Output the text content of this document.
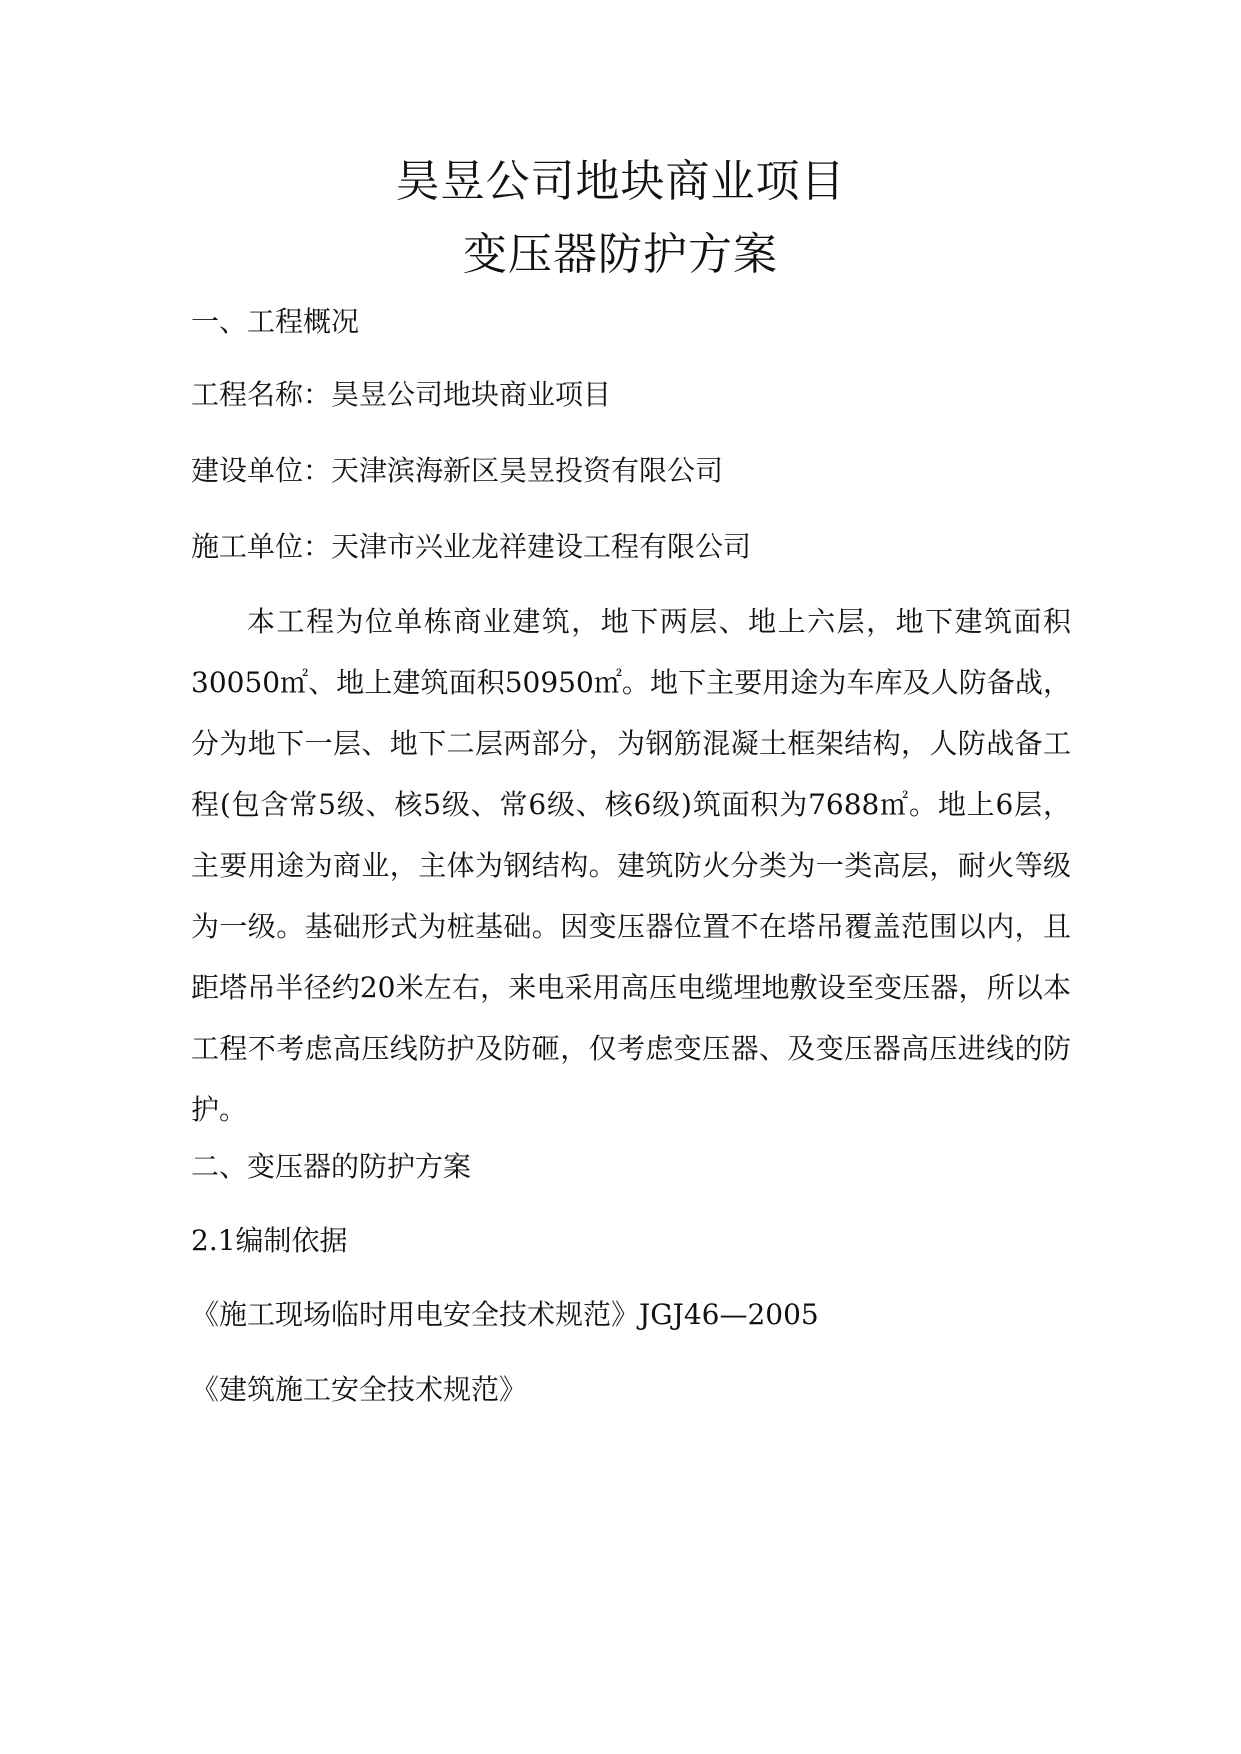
昊昱公司地块商业项目
变压器防护方案
一、工程概况
工程名称：昊昱公司地块商业项目
建设单位：天津滨海新区昊昱投资有限公司
施工单位：天津市兴业龙祥建设工程有限公司
本工程为位单栋商业建筑，地下两层、地上六层，地下建筑面积30050㎡、地上建筑面积50950㎡。地下主要用途为车库及人防备战，分为地下一层、地下二层两部分，为钢筋混凝土框架结构，人防战备工程(包含常5级、核5级、常6级、核6级)筑面积为7688㎡。地上6层，主要用途为商业，主体为钢结构。建筑防火分类为一类高层，耐火等级为一级。基础形式为桩基础。因变压器位置不在塔吊覆盖范围以内，且距塔吊半径约20米左右，来电采用高压电缆埋地敷设至变压器，所以本工程不考虑高压线防护及防砸，仅考虑变压器、及变压器高压进线的防护。
二、变压器的防护方案
2.1编制依据
《施工现场临时用电安全技术规范》JGJ46—2005
《建筑施工安全技术规范》
